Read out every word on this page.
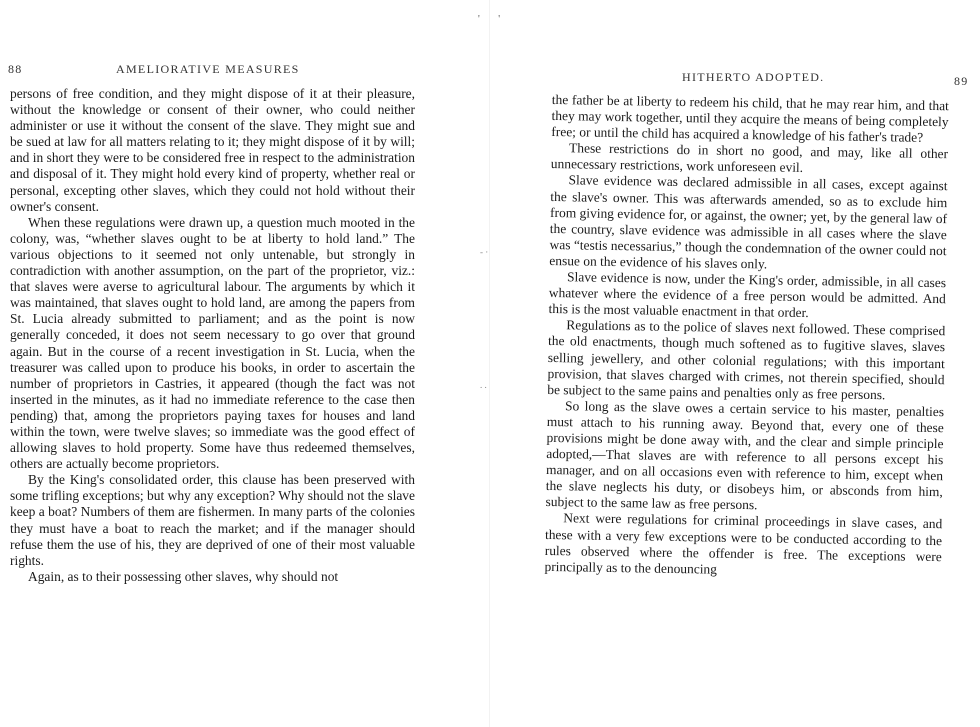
' '
- ·
. .
88	AMELIORATIVE MEASURES

persons of free condition, and they might dispose of it at their pleasure, without the knowledge or consent of their owner, who could neither administer or use it without the consent of the slave. They might sue and be sued at law for all matters relating to it; they might dispose of it by will; and in short they were to be considered free in respect to the administration and disposal of it. They might hold every kind of property, whether real or personal, excepting other slaves, which they could not hold without their owner's consent.

When these regulations were drawn up, a question much mooted in the colony, was, “whether slaves ought to be at liberty to hold land.” The various objections to it seemed not only untenable, but strongly in contradiction with another assumption, on the part of the proprietor, viz.: that slaves were averse to agricultural labour. The arguments by which it was maintained, that slaves ought to hold land, are among the papers from St. Lucia already submitted to parliament; and as the point is now generally conceded, it does not seem necessary to go over that ground again. But in the course of a recent investigation in St. Lucia, when the treasurer was called upon to produce his books, in order to ascertain the number of proprietors in Castries, it appeared (though the fact was not inserted in the minutes, as it had no immediate reference to the case then pending) that, among the proprietors paying taxes for houses and land within the town, were twelve slaves; so immediate was the good effect of allowing slaves to hold property. Some have thus redeemed themselves, others are actually become proprietors.

By the King's consolidated order, this clause has been preserved with some trifling exceptions; but why any exception? Why should not the slave keep a boat? Numbers of them are fishermen. In many parts of the colonies they must have a boat to reach the market; and if the manager should refuse them the use of his, they are deprived of one of their most valuable rights.

Again, as to their possessing other slaves, why should not

HITHERTO ADOPTED.	89

the father be at liberty to redeem his child, that he may rear him, and that they may work together, until they acquire the means of being completely free; or until the child has acquired a knowledge of his father's trade?

These restrictions do in short no good, and may, like all other unnecessary restrictions, work unforeseen evil.

Slave evidence was declared admissible in all cases, except against the slave's owner. This was afterwards amended, so as to exclude him from giving evidence for, or against, the owner; yet, by the general law of the country, slave evidence was admissible in all cases where the slave was “testis necessarius,” though the condemnation of the owner could not ensue on the evidence of his slaves only.

Slave evidence is now, under the King's order, admissible, in all cases whatever where the evidence of a free person would be admitted. And this is the most valuable enactment in that order.

Regulations as to the police of slaves next followed. These comprised the old enactments, though much softened as to fugitive slaves, slaves selling jewellery, and other colonial regulations; with this important provision, that slaves charged with crimes, not therein specified, should be subject to the same pains and penalties only as free persons.

So long as the slave owes a certain service to his master, penalties must attach to his running away. Beyond that, every one of these provisions might be done away with, and the clear and simple principle adopted,—That slaves are with reference to all persons except his manager, and on all occasions even with reference to him, except when the slave neglects his duty, or disobeys him, or absconds from him, subject to the same law as free persons.

Next were regulations for criminal proceedings in slave cases, and these with a very few exceptions were to be conducted according to the rules observed where the offender is free. The exceptions were principally as to the denouncing
